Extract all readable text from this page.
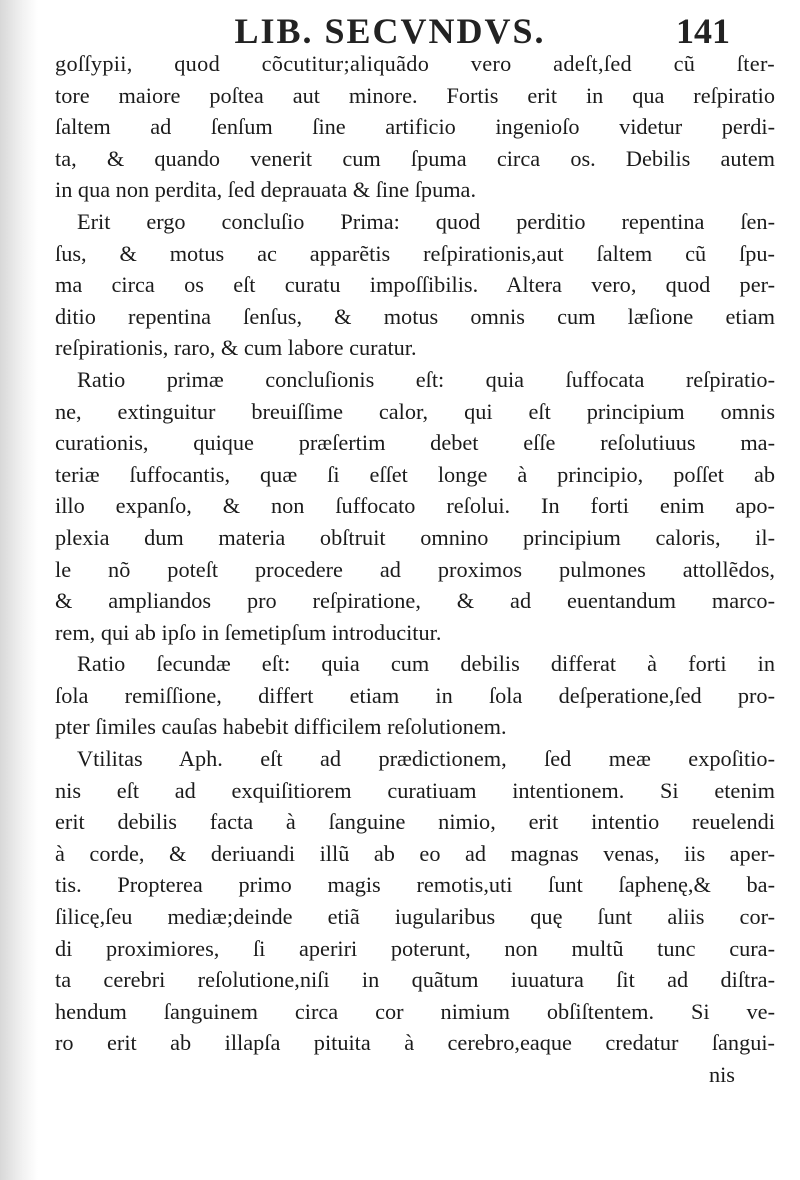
LIB. SECVNDVS.	141
goſſypii, quod cõcutitur;aliquãdo vero adeſt,ſed cũ ſter-
tore maiore poſtea aut minore. Fortis erit in qua reſpiratio
ſaltem ad ſenſum ſine artificio ingenioſo videtur perdi-
ta, & quando venerit cum ſpuma circa os. Debilis autem
in qua non perdita, ſed deprauata & ſine ſpuma.
Erit ergo concluſio Prima: quod perditio repentina ſen-
ſus, & motus ac apparẽtis reſpirationis,aut ſaltem cũ ſpu-
ma circa os eſt curatu impoſſibilis. Altera vero, quod per-
ditio repentina ſenſus, & motus omnis cum læſione etiam
reſpirationis, raro, & cum labore curatur.
Ratio primæ concluſionis eſt: quia ſuffocata reſpiratio-
ne, extinguitur breuiſſime calor, qui eſt principium omnis
curationis, quique præſertim debet eſſe reſolutiuus ma-
teriæ ſuffocantis, quæ ſi eſſet longe à principio, poſſet ab
illo expanſo, & non ſuffocato reſolui. In forti enim apo-
plexia dum materia obſtruit omnino principium caloris, il-
le nõ poteſt procedere ad proximos pulmones attollẽdos,
& ampliandos pro reſpiratione, & ad euentandum marco-
rem, qui ab ipſo in ſemetipſum introducitur.
Ratio ſecundæ eſt: quia cum debilis differat à forti in
ſola remiſſione, differt etiam in ſola deſperatione,ſed pro-
pter ſimiles cauſas habebit difficilem reſolutionem.
Vtilitas Aph. eſt ad prædictionem, ſed meæ expoſitio-
nis eſt ad exquiſitiorem curatiuam intentionem. Si etenim
erit debilis facta à ſanguine nimio, erit intentio reuelendi
à corde, & deriuandi illũ ab eo ad magnas venas, iis aper-
tis. Propterea primo magis remotis,uti ſunt ſaphenę,& ba-
ſilicę,ſeu mediæ;deinde etiã iugularibus quę ſunt aliis cor-
di proximiores, ſi aperiri poterunt, non multũ tunc cura-
ta cerebri reſolutione,niſi in quãtum iuuatura ſit ad diſtra-
hendum ſanguinem circa cor nimium obſiſtentem. Si ve-
ro erit ab illapſa pituita à cerebro,eaque credatur ſangui-
nis
